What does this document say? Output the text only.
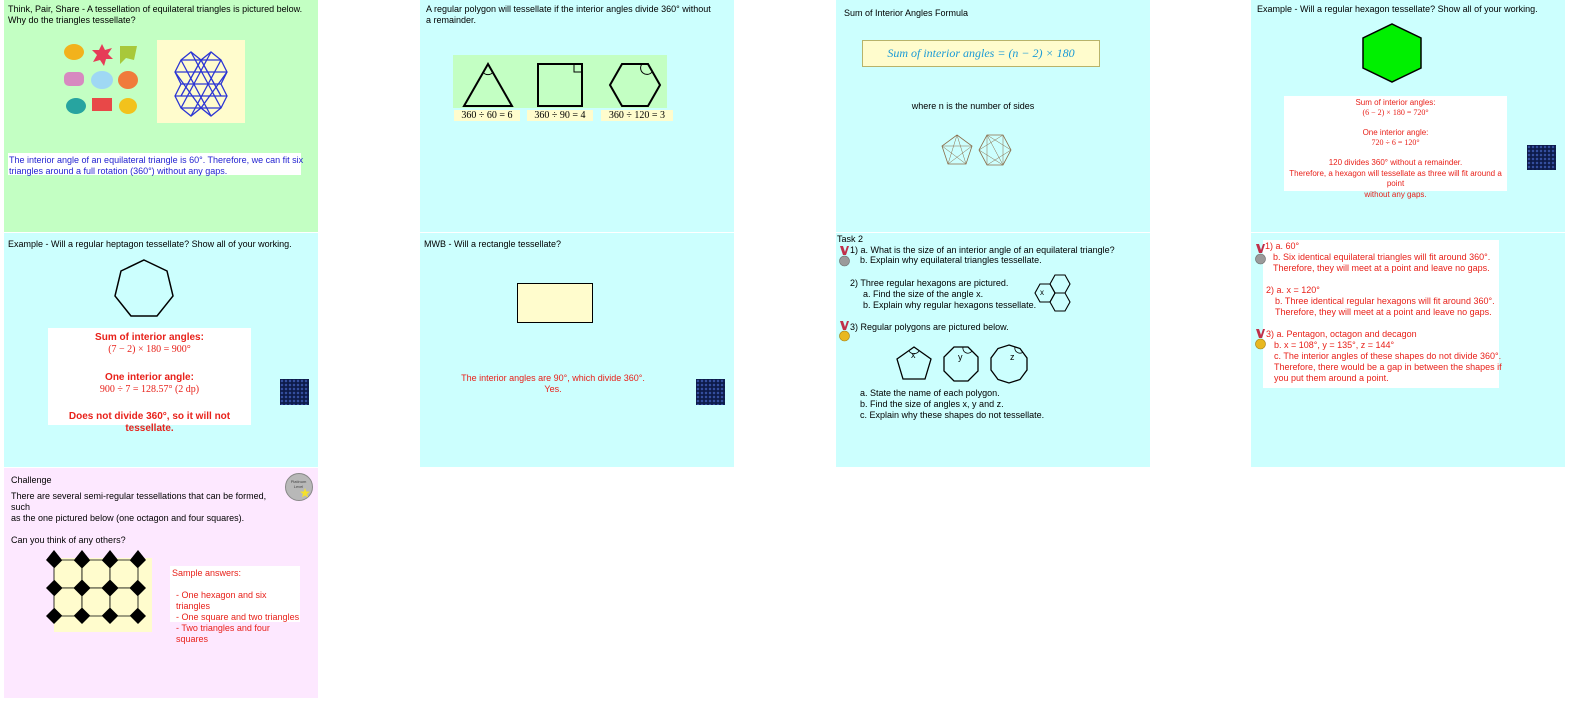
Think, Pair, Share - A tessellation of equilateral triangles is pictured below.
Why do the triangles tessellate?
The interior angle of an equilateral triangle is 60°. Therefore, we can fit six
triangles around a full rotation (360°) without any gaps.
A regular polygon will tessellate if the interior angles divide 360° without
a remainder.
360 ÷ 60 = 6	360 ÷ 90 = 4	360 ÷ 120 = 3
Sum of Interior Angles Formula
Sum of interior angles = (n − 2) × 180
where n is the number of sides
Example - Will a regular hexagon tessellate? Show all of your working.
Sum of interior angles:
(6 − 2) × 180 = 720°
One interior angle:
720 ÷ 6 = 120°
120 divides 360° without a remainder.
Therefore, a hexagon will tessellate as three will fit around a point
without any gaps.
Example - Will a regular heptagon tessellate? Show all of your working.
Sum of interior angles:
(7 − 2) × 180 = 900°
One interior angle:
900 ÷ 7 = 128.57° (2 dp)
Does not divide 360°, so it will not tessellate.
MWB - Will a rectangle tessellate?
The interior angles are 90°, which divide 360°.
Yes.
Task 2
1) a. What is the size of an interior angle of an equilateral triangle?
b. Explain why equilateral triangles tessellate.
2) Three regular hexagons are pictured.
a. Find the size of the angle x.
b. Explain why regular hexagons tessellate.
x
3) Regular polygons are pictured below.
x	y	z
a. State the name of each polygon.
b. Find the size of angles x, y and z.
c. Explain why these shapes do not tessellate.
1) a. 60°
b. Six identical equilateral triangles will fit around 360°.
Therefore, they will meet at a point and leave no gaps.
2) a. x = 120°
b. Three identical regular hexagons will fit around 360°.
Therefore, they will meet at a point and leave no gaps.
3) a. Pentagon, octagon and decagon
b. x = 108°, y = 135°, z = 144°
c. The interior angles of these shapes do not divide 360°.
Therefore, there would be a gap in between the shapes if
you put them around a point.
Challenge	Platinum
Level
There are several semi-regular tessellations that can be formed, such
as the one pictured below (one octagon and four squares).

Can you think of any others?
Sample answers:
- One hexagon and six triangles
- One square and two triangles
- Two triangles and four squares
